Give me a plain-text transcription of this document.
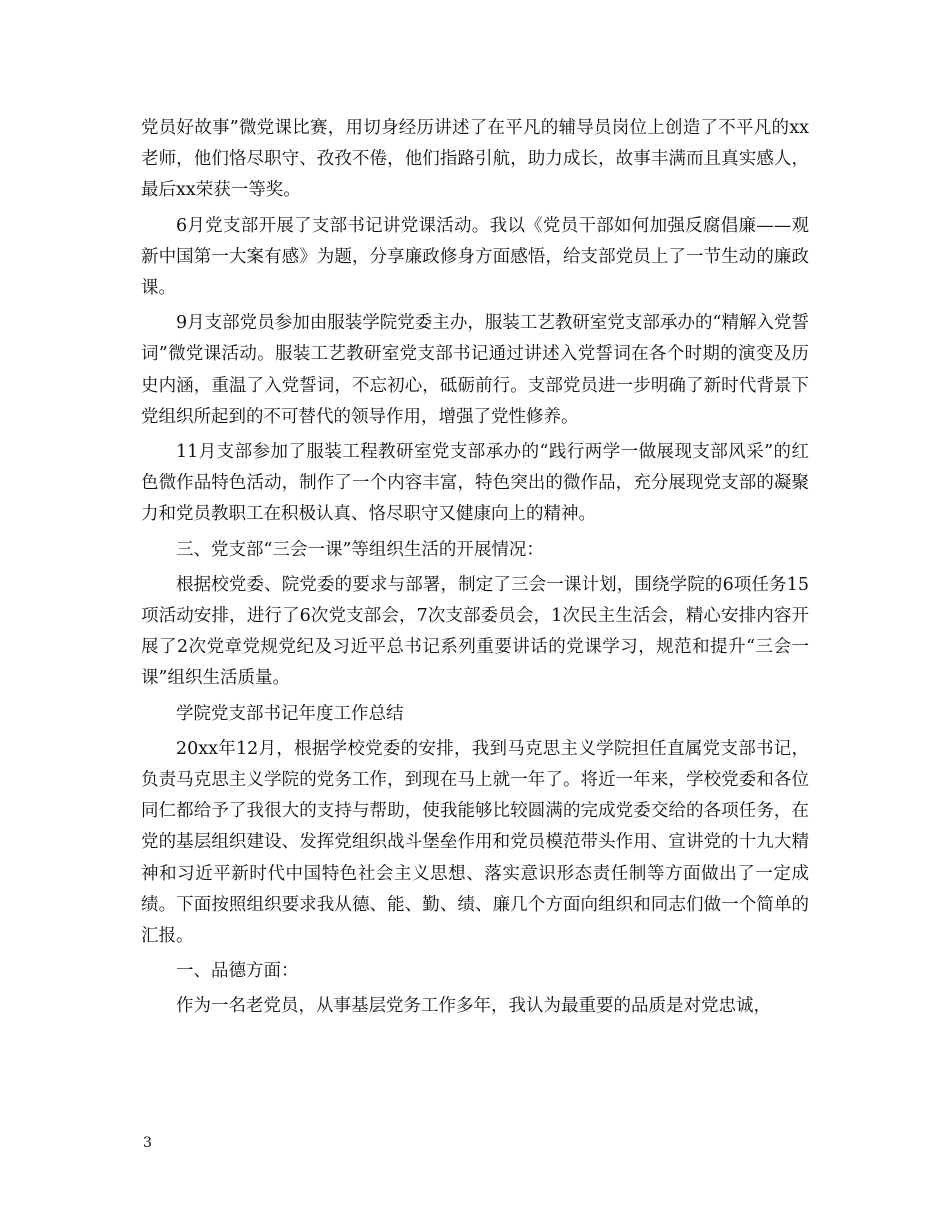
党员好故事”微党课比赛，用切身经历讲述了在平凡的辅导员岗位上创造了不平凡的xx老师，他们恪尽职守、孜孜不倦，他们指路引航，助力成长，故事丰满而且真实感人，最后xx荣获一等奖。

6月党支部开展了支部书记讲党课活动。我以《党员干部如何加强反腐倡廉——观新中国第一大案有感》为题，分享廉政修身方面感悟，给支部党员上了一节生动的廉政课。

9月支部党员参加由服装学院党委主办，服装工艺教研室党支部承办的“精解入党誓词”微党课活动。服装工艺教研室党支部书记通过讲述入党誓词在各个时期的演变及历史内涵，重温了入党誓词，不忘初心，砥砺前行。支部党员进一步明确了新时代背景下党组织所起到的不可替代的领导作用，增强了党性修养。

11月支部参加了服装工程教研室党支部承办的“践行两学一做展现支部风采”的红色微作品特色活动，制作了一个内容丰富，特色突出的微作品，充分展现党支部的凝聚力和党员教职工在积极认真、恪尽职守又健康向上的精神。

三、党支部“三会一课”等组织生活的开展情况：

根据校党委、院党委的要求与部署，制定了三会一课计划，围绕学院的6项任务15项活动安排，进行了6次党支部会，7次支部委员会，1次民主生活会，精心安排内容开展了2次党章党规党纪及习近平总书记系列重要讲话的党课学习，规范和提升“三会一课”组织生活质量。

学院党支部书记年度工作总结

20xx年12月，根据学校党委的安排，我到马克思主义学院担任直属党支部书记，负责马克思主义学院的党务工作，到现在马上就一年了。将近一年来，学校党委和各位同仁都给予了我很大的支持与帮助，使我能够比较圆满的完成党委交给的各项任务，在党的基层组织建设、发挥党组织战斗堡垒作用和党员模范带头作用、宣讲党的十九大精神和习近平新时代中国特色社会主义思想、落实意识形态责任制等方面做出了一定成绩。下面按照组织要求我从德、能、勤、绩、廉几个方面向组织和同志们做一个简单的汇报。

一、品德方面：

作为一名老党员，从事基层党务工作多年，我认为最重要的品质是对党忠诚，

3
